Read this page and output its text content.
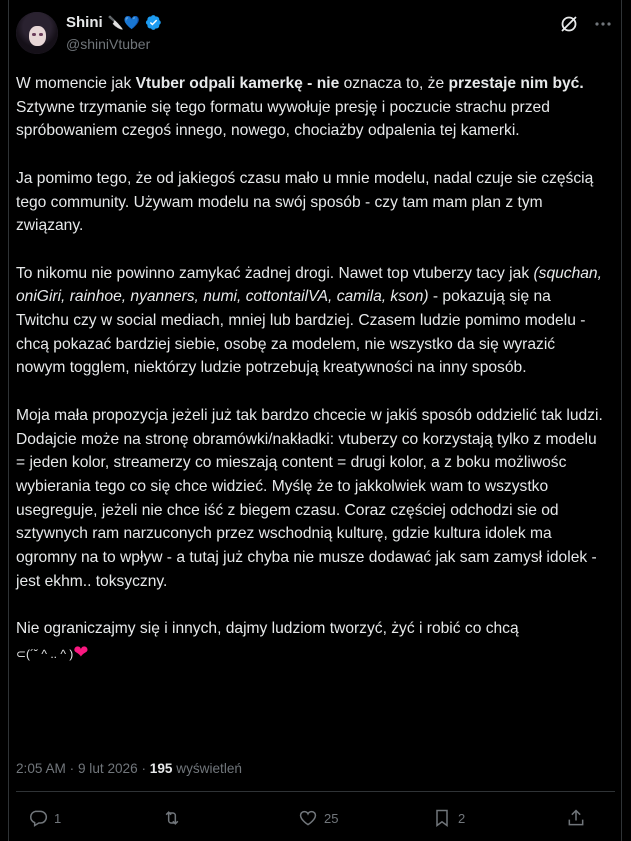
Shini 🔪💙
@shiniVtuber

W momencie jak Vtuber odpali kamerkę - nie oznacza to, że przestaje nim być. Sztywne trzymanie się tego formatu wywołuje presję i poczucie strachu przed spróbowaniem czegoś innego, nowego, chociażby odpalenia tej kamerki.

Ja pomimo tego, że od jakiegoś czasu mało u mnie modelu, nadal czuje sie częścią tego community. Używam modelu na swój sposób - czy tam mam plan z tym związany.

To nikomu nie powinno zamykać żadnej drogi. Nawet top vtuberzy tacy jak (squchan, oniGiri, rainhoe, nyanners, numi, cottontailVA, camila, kson) - pokazują się na Twitchu czy w social mediach, mniej lub bardziej. Czasem ludzie pomimo modelu - chcą pokazać bardziej siebie, osobę za modelem, nie wszystko da się wyrazić nowym togglem, niektórzy ludzie potrzebują kreatywności na inny sposób.

Moja mała propozycja jeżeli już tak bardzo chcecie w jakiś sposób oddzielić tak ludzi. Dodajcie może na stronę obramówki/nakładki: vtuberzy co korzystają tylko z modelu = jeden kolor, streamerzy co mieszają content = drugi kolor, a z boku możliwośc wybierania tego co się chce widzieć. Myślę że to jakkolwiek wam to wszystko usegreguje, jeżeli nie chce iść z biegem czasu. Coraz częściej odchodzi sie od sztywnych ram narzuconych przez wschodnią kulturę, gdzie kultura idolek ma ogromny na to wpływ - a tutaj już chyba nie musze dodawać jak sam zamysł idolek - jest ekhm.. toksyczny.

Nie ograniczajmy się i innych, dajmy ludziom tworzyć, żyć i robić co chcą
⊂(´˘ ^ .. ^ )❤

2:05 AM · 9 lut 2026 · 195 wyświetleń
1	25	2
